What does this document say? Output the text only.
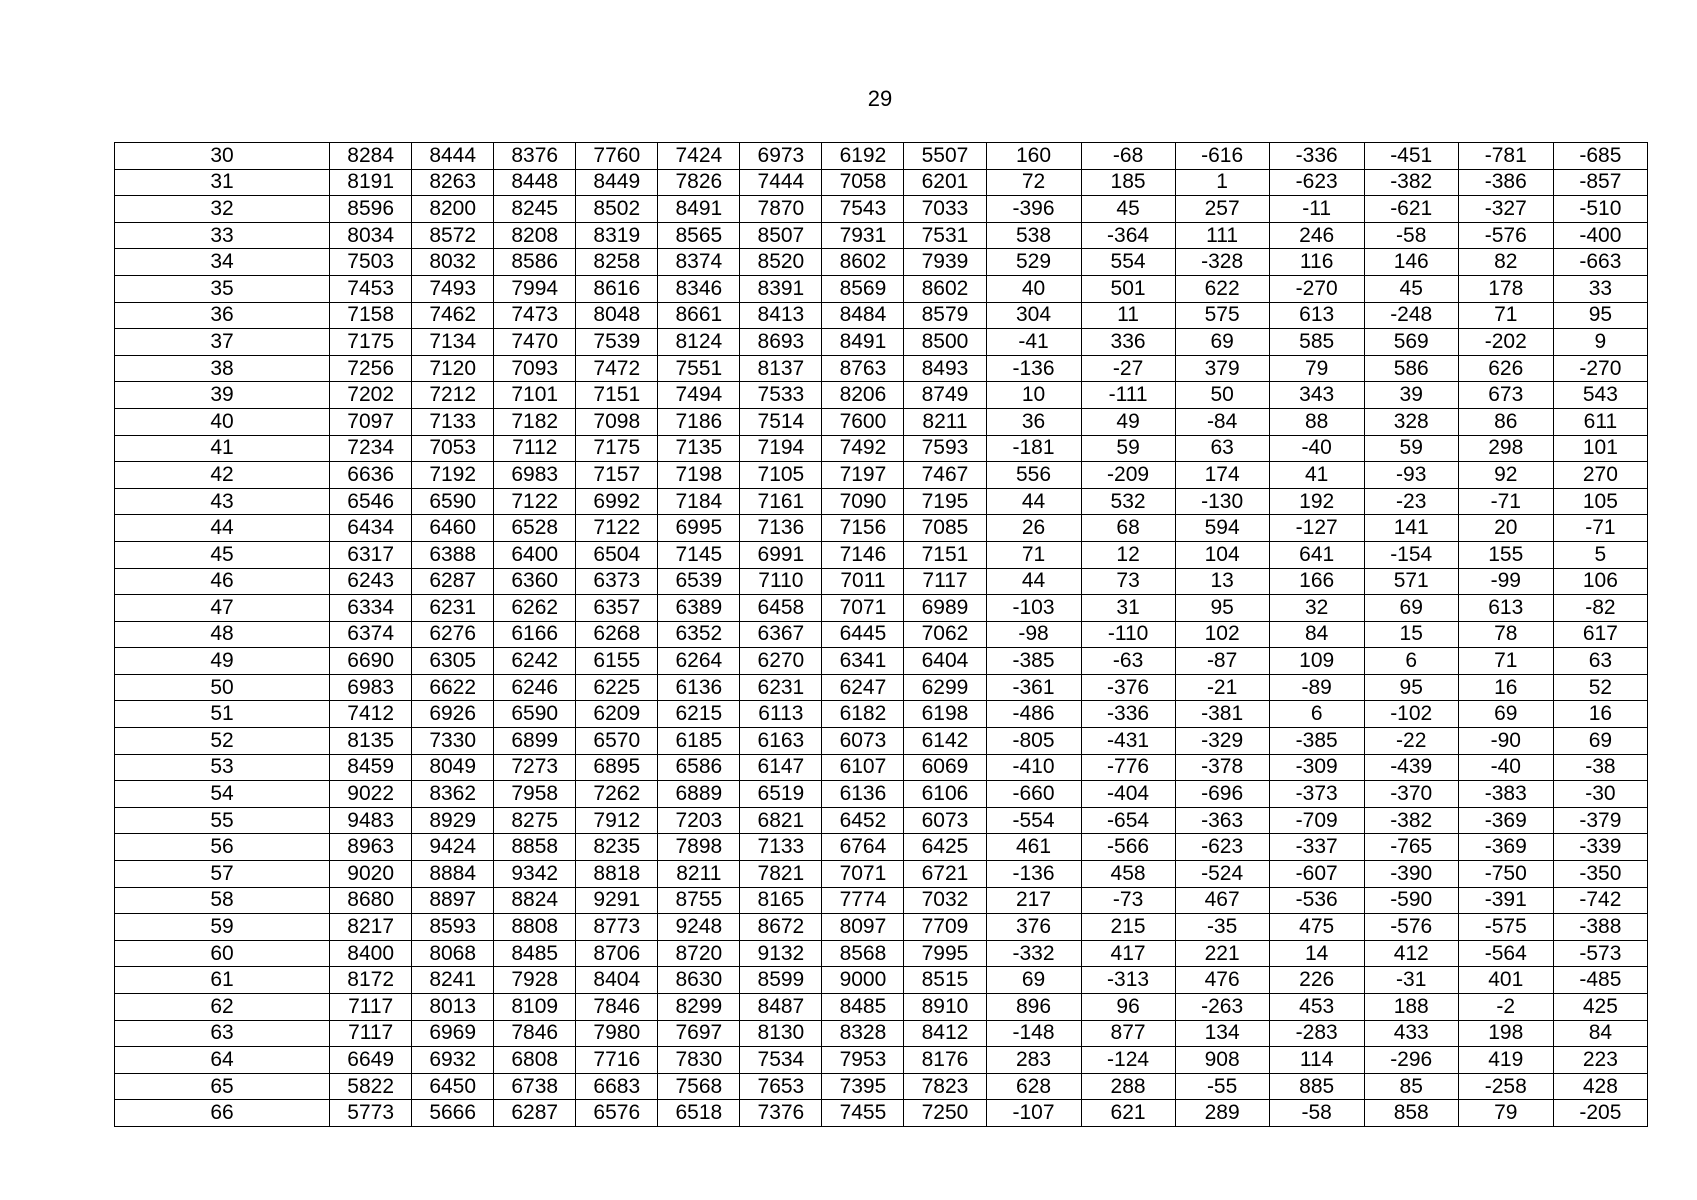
29
30	8284	8444	8376	7760	7424	6973	6192	5507	160	-68	-616	-336	-451	-781	-685
31	8191	8263	8448	8449	7826	7444	7058	6201	72	185	1	-623	-382	-386	-857
32	8596	8200	8245	8502	8491	7870	7543	7033	-396	45	257	-11	-621	-327	-510
33	8034	8572	8208	8319	8565	8507	7931	7531	538	-364	111	246	-58	-576	-400
34	7503	8032	8586	8258	8374	8520	8602	7939	529	554	-328	116	146	82	-663
35	7453	7493	7994	8616	8346	8391	8569	8602	40	501	622	-270	45	178	33
36	7158	7462	7473	8048	8661	8413	8484	8579	304	11	575	613	-248	71	95
37	7175	7134	7470	7539	8124	8693	8491	8500	-41	336	69	585	569	-202	9
38	7256	7120	7093	7472	7551	8137	8763	8493	-136	-27	379	79	586	626	-270
39	7202	7212	7101	7151	7494	7533	8206	8749	10	-111	50	343	39	673	543
40	7097	7133	7182	7098	7186	7514	7600	8211	36	49	-84	88	328	86	611
41	7234	7053	7112	7175	7135	7194	7492	7593	-181	59	63	-40	59	298	101
42	6636	7192	6983	7157	7198	7105	7197	7467	556	-209	174	41	-93	92	270
43	6546	6590	7122	6992	7184	7161	7090	7195	44	532	-130	192	-23	-71	105
44	6434	6460	6528	7122	6995	7136	7156	7085	26	68	594	-127	141	20	-71
45	6317	6388	6400	6504	7145	6991	7146	7151	71	12	104	641	-154	155	5
46	6243	6287	6360	6373	6539	7110	7011	7117	44	73	13	166	571	-99	106
47	6334	6231	6262	6357	6389	6458	7071	6989	-103	31	95	32	69	613	-82
48	6374	6276	6166	6268	6352	6367	6445	7062	-98	-110	102	84	15	78	617
49	6690	6305	6242	6155	6264	6270	6341	6404	-385	-63	-87	109	6	71	63
50	6983	6622	6246	6225	6136	6231	6247	6299	-361	-376	-21	-89	95	16	52
51	7412	6926	6590	6209	6215	6113	6182	6198	-486	-336	-381	6	-102	69	16
52	8135	7330	6899	6570	6185	6163	6073	6142	-805	-431	-329	-385	-22	-90	69
53	8459	8049	7273	6895	6586	6147	6107	6069	-410	-776	-378	-309	-439	-40	-38
54	9022	8362	7958	7262	6889	6519	6136	6106	-660	-404	-696	-373	-370	-383	-30
55	9483	8929	8275	7912	7203	6821	6452	6073	-554	-654	-363	-709	-382	-369	-379
56	8963	9424	8858	8235	7898	7133	6764	6425	461	-566	-623	-337	-765	-369	-339
57	9020	8884	9342	8818	8211	7821	7071	6721	-136	458	-524	-607	-390	-750	-350
58	8680	8897	8824	9291	8755	8165	7774	7032	217	-73	467	-536	-590	-391	-742
59	8217	8593	8808	8773	9248	8672	8097	7709	376	215	-35	475	-576	-575	-388
60	8400	8068	8485	8706	8720	9132	8568	7995	-332	417	221	14	412	-564	-573
61	8172	8241	7928	8404	8630	8599	9000	8515	69	-313	476	226	-31	401	-485
62	7117	8013	8109	7846	8299	8487	8485	8910	896	96	-263	453	188	-2	425
63	7117	6969	7846	7980	7697	8130	8328	8412	-148	877	134	-283	433	198	84
64	6649	6932	6808	7716	7830	7534	7953	8176	283	-124	908	114	-296	419	223
65	5822	6450	6738	6683	7568	7653	7395	7823	628	288	-55	885	85	-258	428
66	5773	5666	6287	6576	6518	7376	7455	7250	-107	621	289	-58	858	79	-205
